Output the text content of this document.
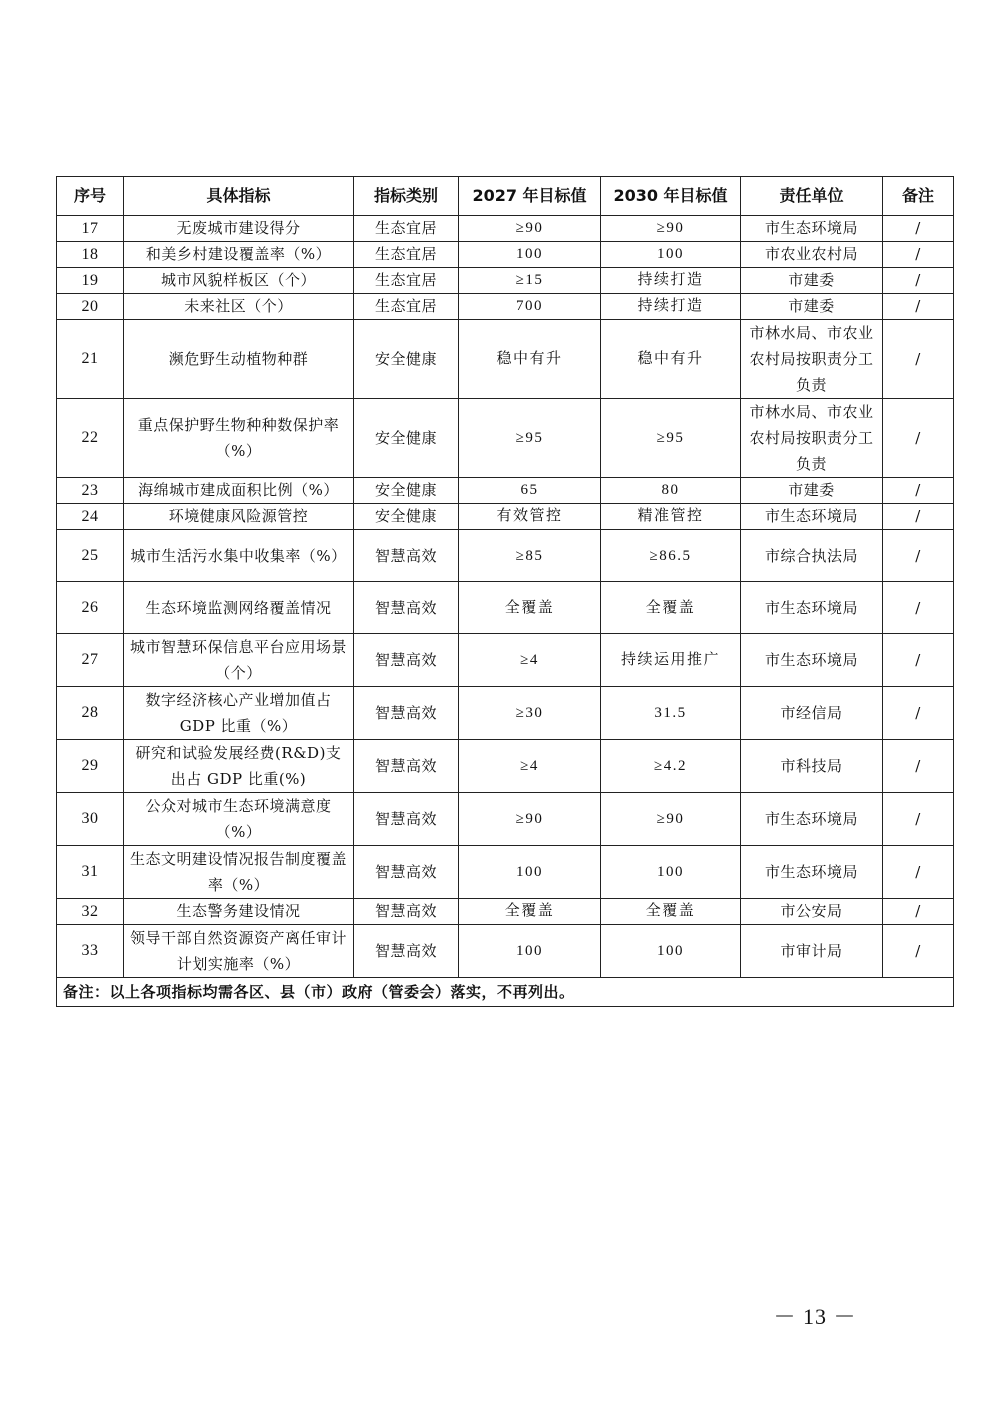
序号	具体指标	指标类别	2027 年目标值	2030 年目标值	责任单位	备注
17	无废城市建设得分	生态宜居	≥90	≥90	市生态环境局	/
18	和美乡村建设覆盖率（%）	生态宜居	100	100	市农业农村局	/
19	城市风貌样板区（个）	生态宜居	≥15	持续打造	市建委	/
20	未来社区（个）	生态宜居	700	持续打造	市建委	/
21	濒危野生动植物种群	安全健康	稳中有升	稳中有升	市林水局、市农业农村局按职责分工负责	/
22	重点保护野生物种种数保护率（%）	安全健康	≥95	≥95	市林水局、市农业农村局按职责分工负责	/
23	海绵城市建成面积比例（%）	安全健康	65	80	市建委	/
24	环境健康风险源管控	安全健康	有效管控	精准管控	市生态环境局	/
25	城市生活污水集中收集率（%）	智慧高效	≥85	≥86.5	市综合执法局	/
26	生态环境监测网络覆盖情况	智慧高效	全覆盖	全覆盖	市生态环境局	/
27	城市智慧环保信息平台应用场景（个）	智慧高效	≥4	持续运用推广	市生态环境局	/
28	数字经济核心产业增加值占 GDP 比重（%）	智慧高效	≥30	31.5	市经信局	/
29	研究和试验发展经费(R&D)支出占 GDP 比重(%)	智慧高效	≥4	≥4.2	市科技局	/
30	公众对城市生态环境满意度（%）	智慧高效	≥90	≥90	市生态环境局	/
31	生态文明建设情况报告制度覆盖率（%）	智慧高效	100	100	市生态环境局	/
32	生态警务建设情况	智慧高效	全覆盖	全覆盖	市公安局	/
33	领导干部自然资源资产离任审计计划实施率（%）	智慧高效	100	100	市审计局	/
备注：以上各项指标均需各区、县（市）政府（管委会）落实，不再列出。						
－ 13 －
